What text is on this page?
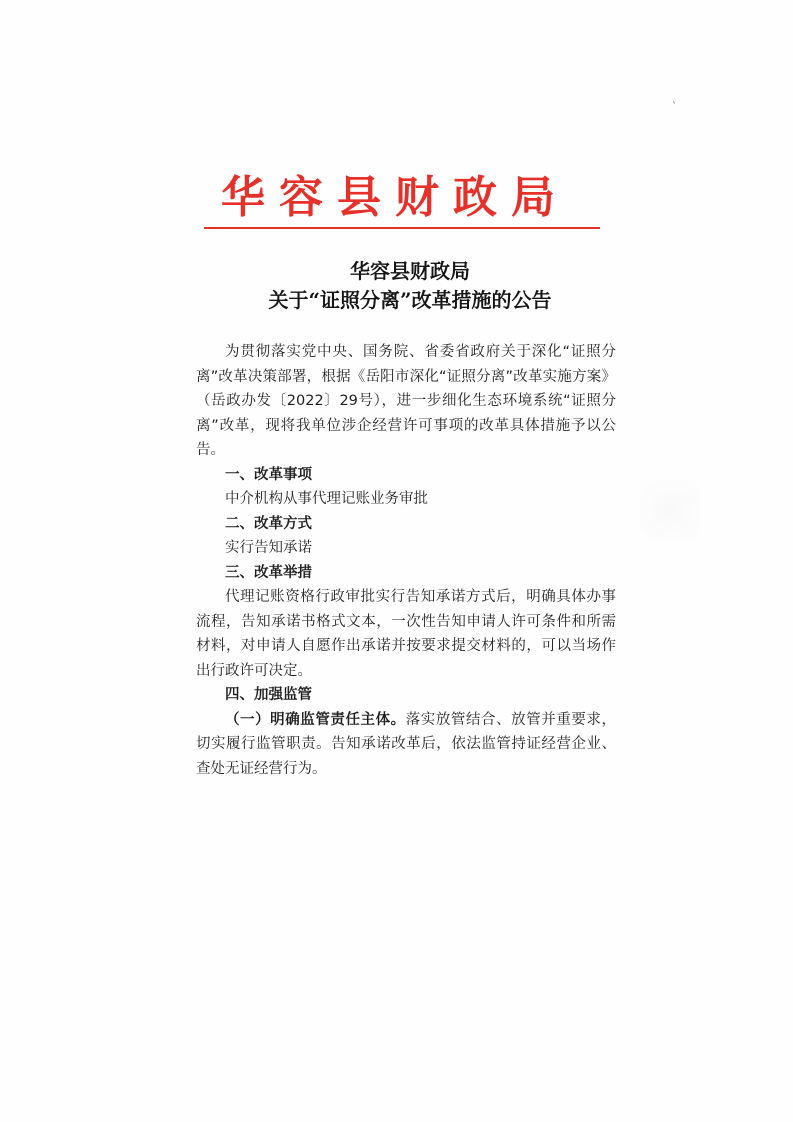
`
华容县财政局
华容县财政局
关于“证照分离”改革措施的公告

为贯彻落实党中央、国务院、省委省政府关于深化“证照分离”改革决策部署，根据《岳阳市深化“证照分离”改革实施方案》（岳政办发〔2022〕29号），进一步细化生态环境系统“证照分离”改革，现将我单位涉企经营许可事项的改革具体措施予以公告。

一、改革事项

中介机构从事代理记账业务审批

二、改革方式

实行告知承诺

三、改革举措

代理记账资格行政审批实行告知承诺方式后，明确具体办事流程，告知承诺书格式文本，一次性告知申请人许可条件和所需材料，对申请人自愿作出承诺并按要求提交材料的，可以当场作出行政许可决定。

四、加强监管

（一）明确监管责任主体。落实放管结合、放管并重要求，切实履行监管职责。告知承诺改革后，依法监管持证经营企业、查处无证经营行为。
